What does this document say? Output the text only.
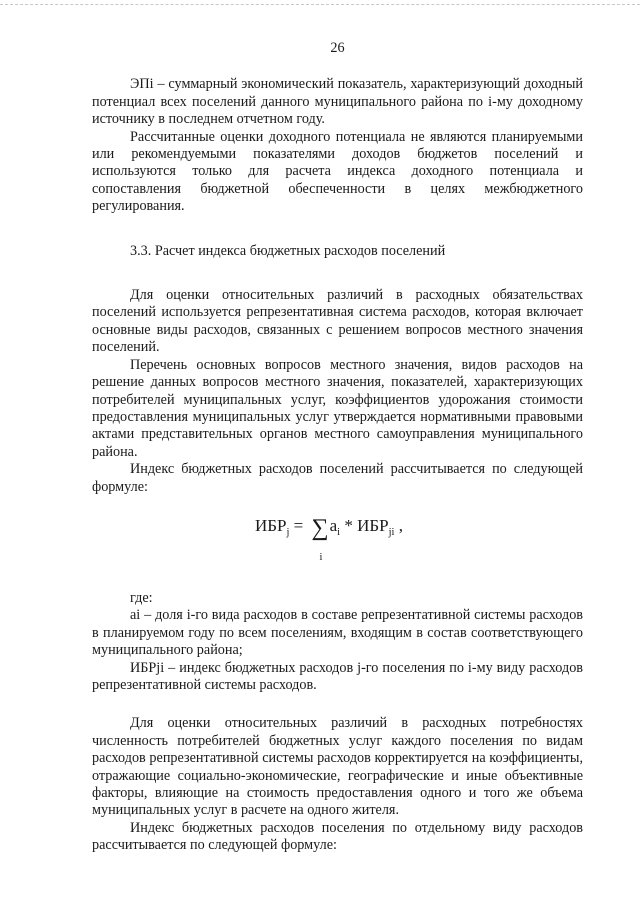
26

ЭПi – суммарный экономический показатель, характеризующий доходный потенциал всех поселений данного муниципального района по i-му доходному источнику в последнем отчетном году.

Рассчитанные оценки доходного потенциала не являются планируемыми или рекомендуемыми показателями доходов бюджетов поселений и используются только для расчета индекса доходного потенциала и сопоставления бюджетной обеспеченности в целях межбюджетного регулирования.

3.3. Расчет индекса бюджетных расходов поселений

Для оценки относительных различий в расходных обязательствах поселений используется репрезентативная система расходов, которая включает основные виды расходов, связанных с решением вопросов местного значения поселений.

Перечень основных вопросов местного значения, видов расходов на решение данных вопросов местного значения, показателей, характеризующих потребителей муниципальных услуг, коэффициентов удорожания стоимости предоставления муниципальных услуг утверждается нормативными правовыми актами представительных органов местного самоуправления муниципального района.

Индекс бюджетных расходов поселений рассчитывается по следующей формуле:

$ИБР_j$ = ∑
i
$a_i * ИБР_{ji}$ ,

где:

ai – доля i-го вида расходов в составе репрезентативной системы расходов в планируемом году по всем поселениям, входящим в состав соответствующего муниципального района;

ИБРji – индекс бюджетных расходов j-го поселения по i-му виду расходов репрезентативной системы расходов.

Для оценки относительных различий в расходных потребностях численность потребителей бюджетных услуг каждого поселения по видам расходов репрезентативной системы расходов корректируется на коэффициенты, отражающие социально-экономические, географические и иные объективные факторы, влияющие на стоимость предоставления одного и того же объема муниципальных услуг в расчете на одного жителя.

Индекс бюджетных расходов поселения по отдельному виду расходов рассчитывается по следующей формуле:
